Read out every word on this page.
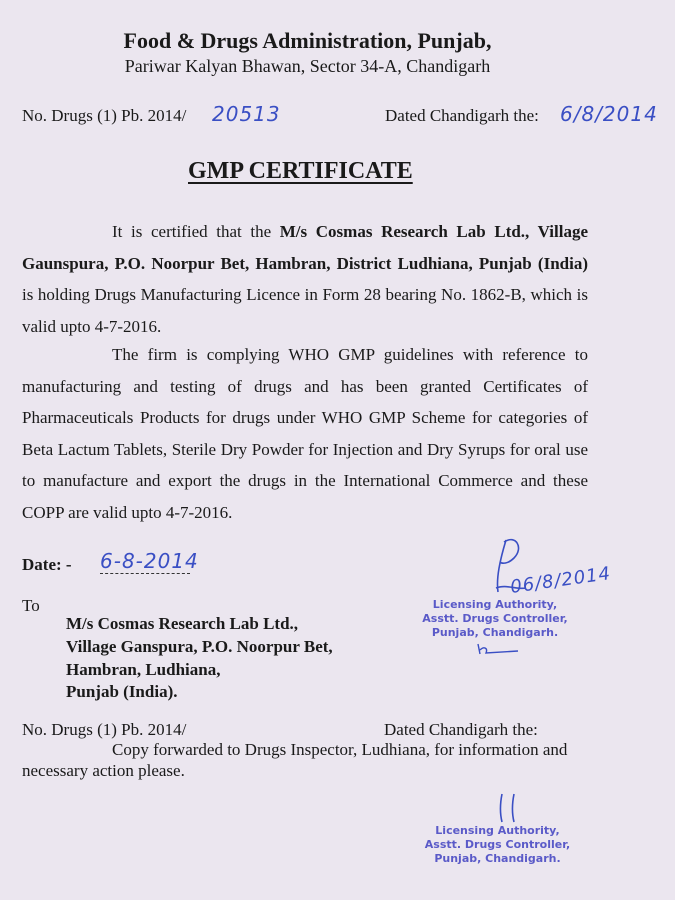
Food & Drugs Administration, Punjab,
Pariwar Kalyan Bhawan, Sector 34-A, Chandigarh
No. Drugs (1) Pb. 2014/ 20513	Dated Chandigarh the: 6/8/2014
GMP CERTIFICATE
It is certified that the M/s Cosmas Research Lab Ltd., Village Gaunspura, P.O. Noorpur Bet, Hambran, District Ludhiana, Punjab (India) is holding Drugs Manufacturing Licence in Form 28 bearing No. 1862-B, which is valid upto 4-7-2016.
The firm is complying WHO GMP guidelines with reference to manufacturing and testing of drugs and has been granted Certificates of Pharmaceuticals Products for drugs under WHO GMP Scheme for categories of Beta Lactum Tablets, Sterile Dry Powder for Injection and Dry Syrups for oral use to manufacture and export the drugs in the International Commerce and these COPP are valid upto 4-7-2016.
Date: - 6-8-2014
To
M/s Cosmas Research Lab Ltd.,
Village Ganspura, P.O. Noorpur Bet,
Hambran, Ludhiana,
Punjab (India).
06/8/2014
Licensing Authority,
Asstt. Drugs Controller,
Punjab, Chandigarh.
No. Drugs (1) Pb. 2014/	Dated Chandigarh the:
Copy forwarded to Drugs Inspector, Ludhiana, for information and
necessary action please.
Licensing Authority,
Asstt. Drugs Controller,
Punjab, Chandigarh.
